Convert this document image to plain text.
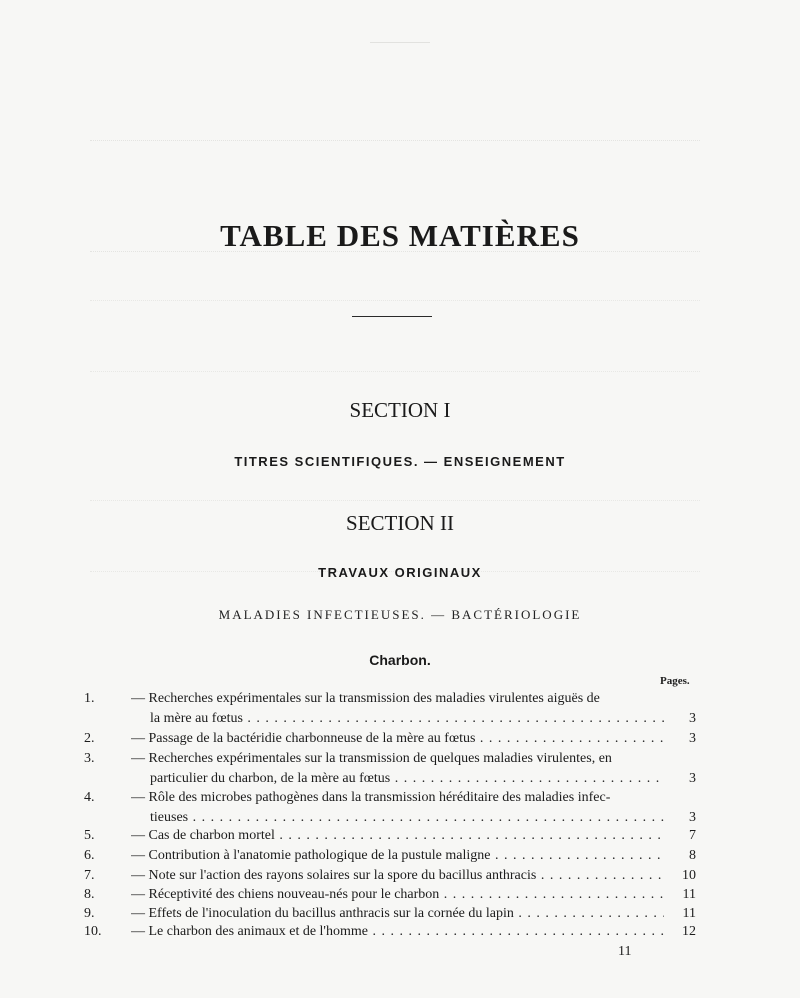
TABLE DES MATIÈRES
SECTION I
TITRES SCIENTIFIQUES. — ENSEIGNEMENT
SECTION II
TRAVAUX ORIGINAUX
MALADIES INFECTIEUSES. — BACTÉRIOLOGIE
Charbon.
Pages.
1.	— Recherches expérimentales sur la transmission des maladies virulentes aiguës de
la mère au fœtus . . .	3
2.	— Passage de la bactéridie charbonneuse de la mère au fœtus . . .	3
3.	— Recherches expérimentales sur la transmission de quelques maladies virulentes, en
particulier du charbon, de la mère au fœtus . . .	3
4.	— Rôle des microbes pathogènes dans la transmission héréditaire des maladies infec-
tieuses . . .	3
5.	— Cas de charbon mortel . . .	7
6.	— Contribution à l'anatomie pathologique de la pustule maligne . . .	8
7.	— Note sur l'action des rayons solaires sur la spore du bacillus anthracis . . .	10
8.	— Réceptivité des chiens nouveau-nés pour le charbon . . .	11
9.	— Effets de l'inoculation du bacillus anthracis sur la cornée du lapin . . .	11
10.	— Le charbon des animaux et de l'homme . . .	12
11
